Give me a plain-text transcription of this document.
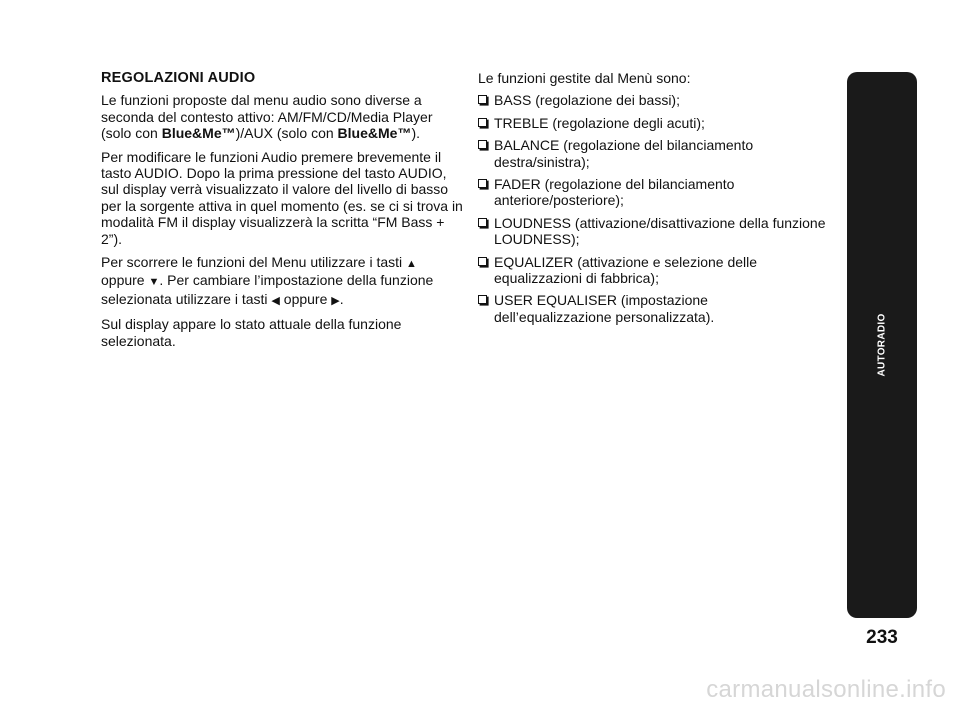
REGOLAZIONI AUDIO

Le funzioni proposte dal menu audio sono diverse a seconda del contesto attivo: AM/FM/CD/Media Player (solo con Blue&Me™)/AUX (solo con Blue&Me™).

Per modificare le funzioni Audio premere brevemente il tasto AUDIO. Dopo la prima pressione del tasto AUDIO, sul display verrà visualizzato il valore del livello di basso per la sorgente attiva in quel momento (es. se ci si trova in modalità FM il display visualizzerà la scritta “FM Bass + 2”).

Per scorrere le funzioni del Menu utilizzare i tasti ▲ oppure ▼. Per cambiare l’impostazione della funzione selezionata utilizzare i tasti ◀ oppure ▶.

Sul display appare lo stato attuale della funzione selezionata.

Le funzioni gestite dal Menù sono:

BASS (regolazione dei bassi);
TREBLE (regolazione degli acuti);
BALANCE (regolazione del bilanciamento destra/sinistra);
FADER (regolazione del bilanciamento anteriore/posteriore);
LOUDNESS (attivazione/disattivazione della funzione LOUDNESS);
EQUALIZER (attivazione e selezione delle equalizzazioni di fabbrica);
USER EQUALISER (impostazione dell’equalizzazione personalizzata).	AUTORADIO
233
carmanualsonline.info
